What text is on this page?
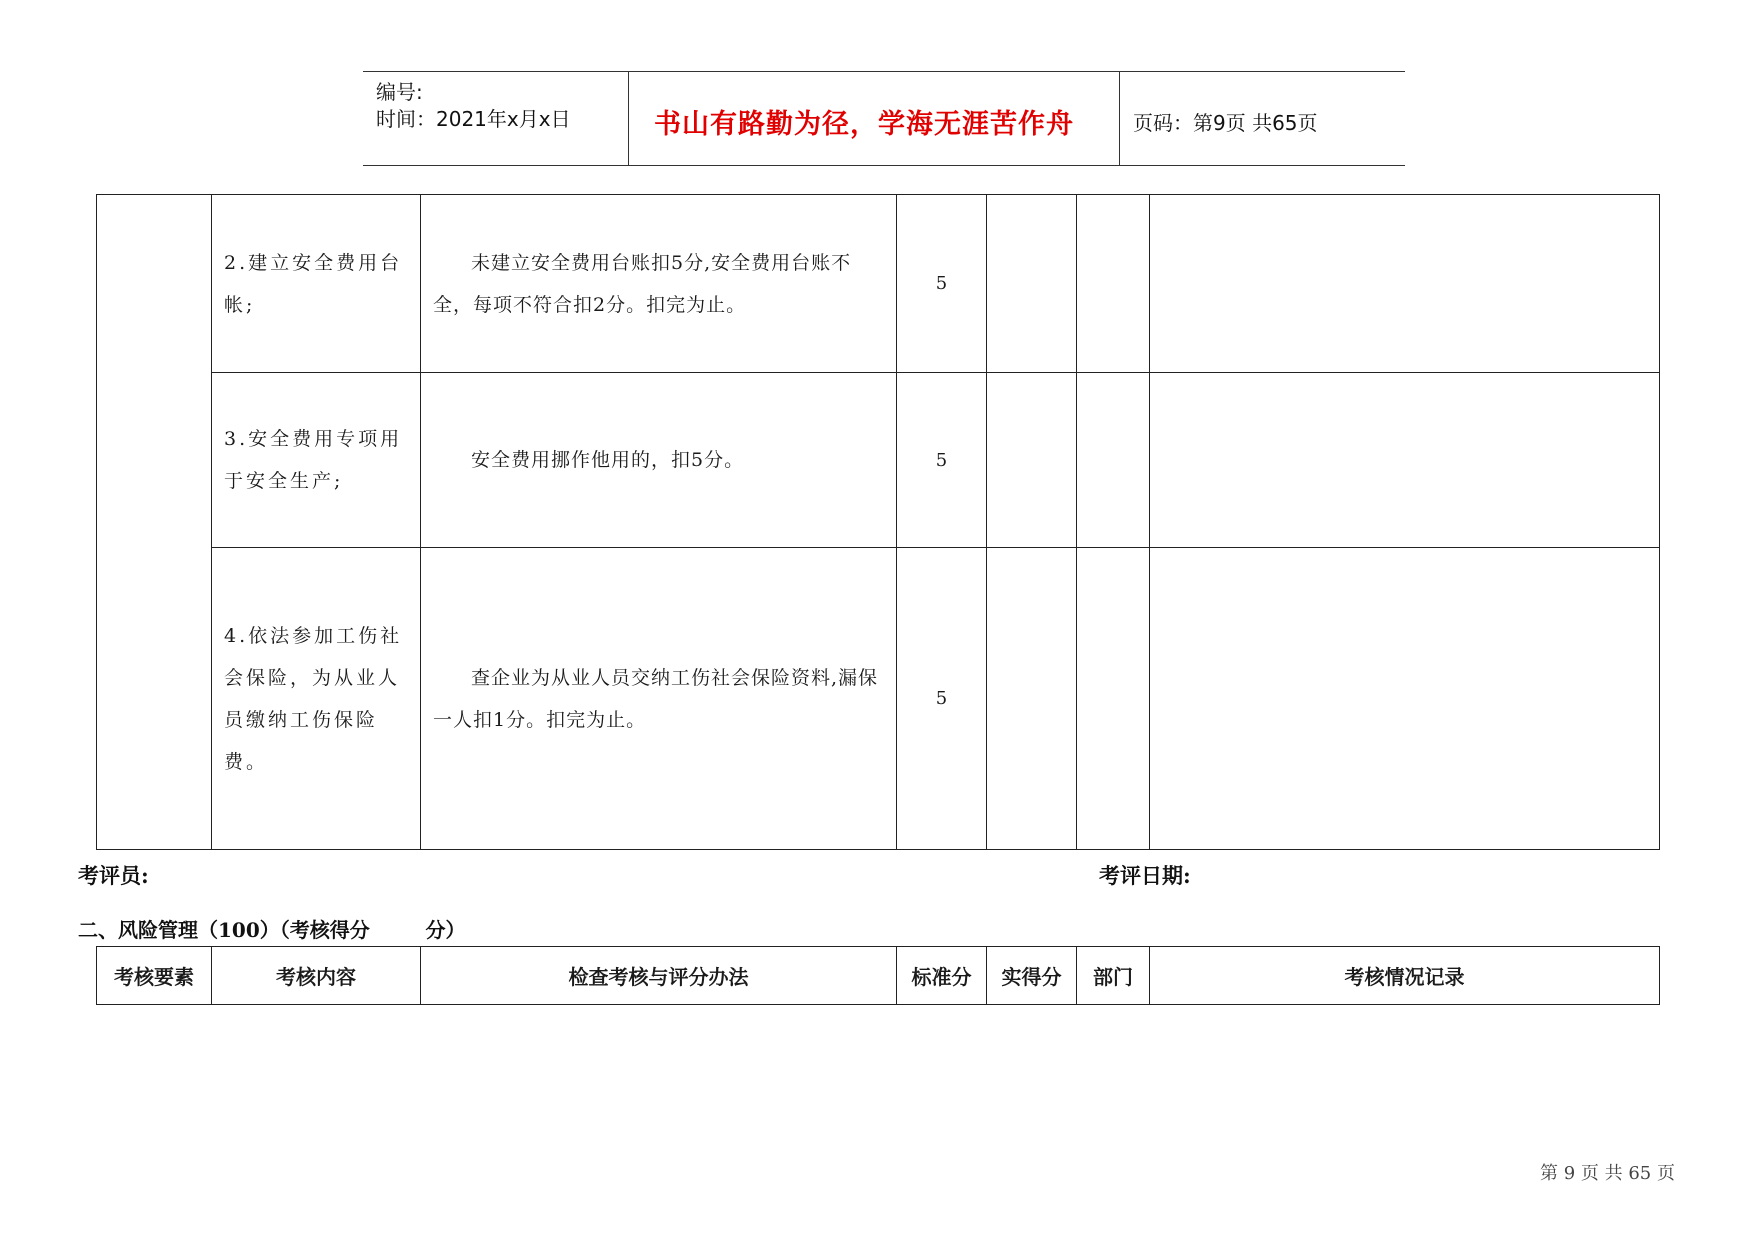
编号:
时间：2021年x月x日	书山有路勤为径，学海无涯苦作舟	页码：第9页 共65页
	2.建立安全费用台帐;	未建立安全费用台账扣5分,安全费用台账不全，每项不符合扣2分。扣完为止。	5			
	3.安全费用专项用于安全生产;	安全费用挪作他用的，扣5分。	5			
	4.依法参加工伤社会保险，为从业人员缴纳工伤保险费。	查企业为从业人员交纳工伤社会保险资料,漏保一人扣1分。扣完为止。	5			
考评员:	考评日期:
二、风险管理（100）（考核得分        分）
考核要素	考核内容	检查考核与评分办法	标准分	实得分	部门	考核情况记录
第 9 页 共 65 页
